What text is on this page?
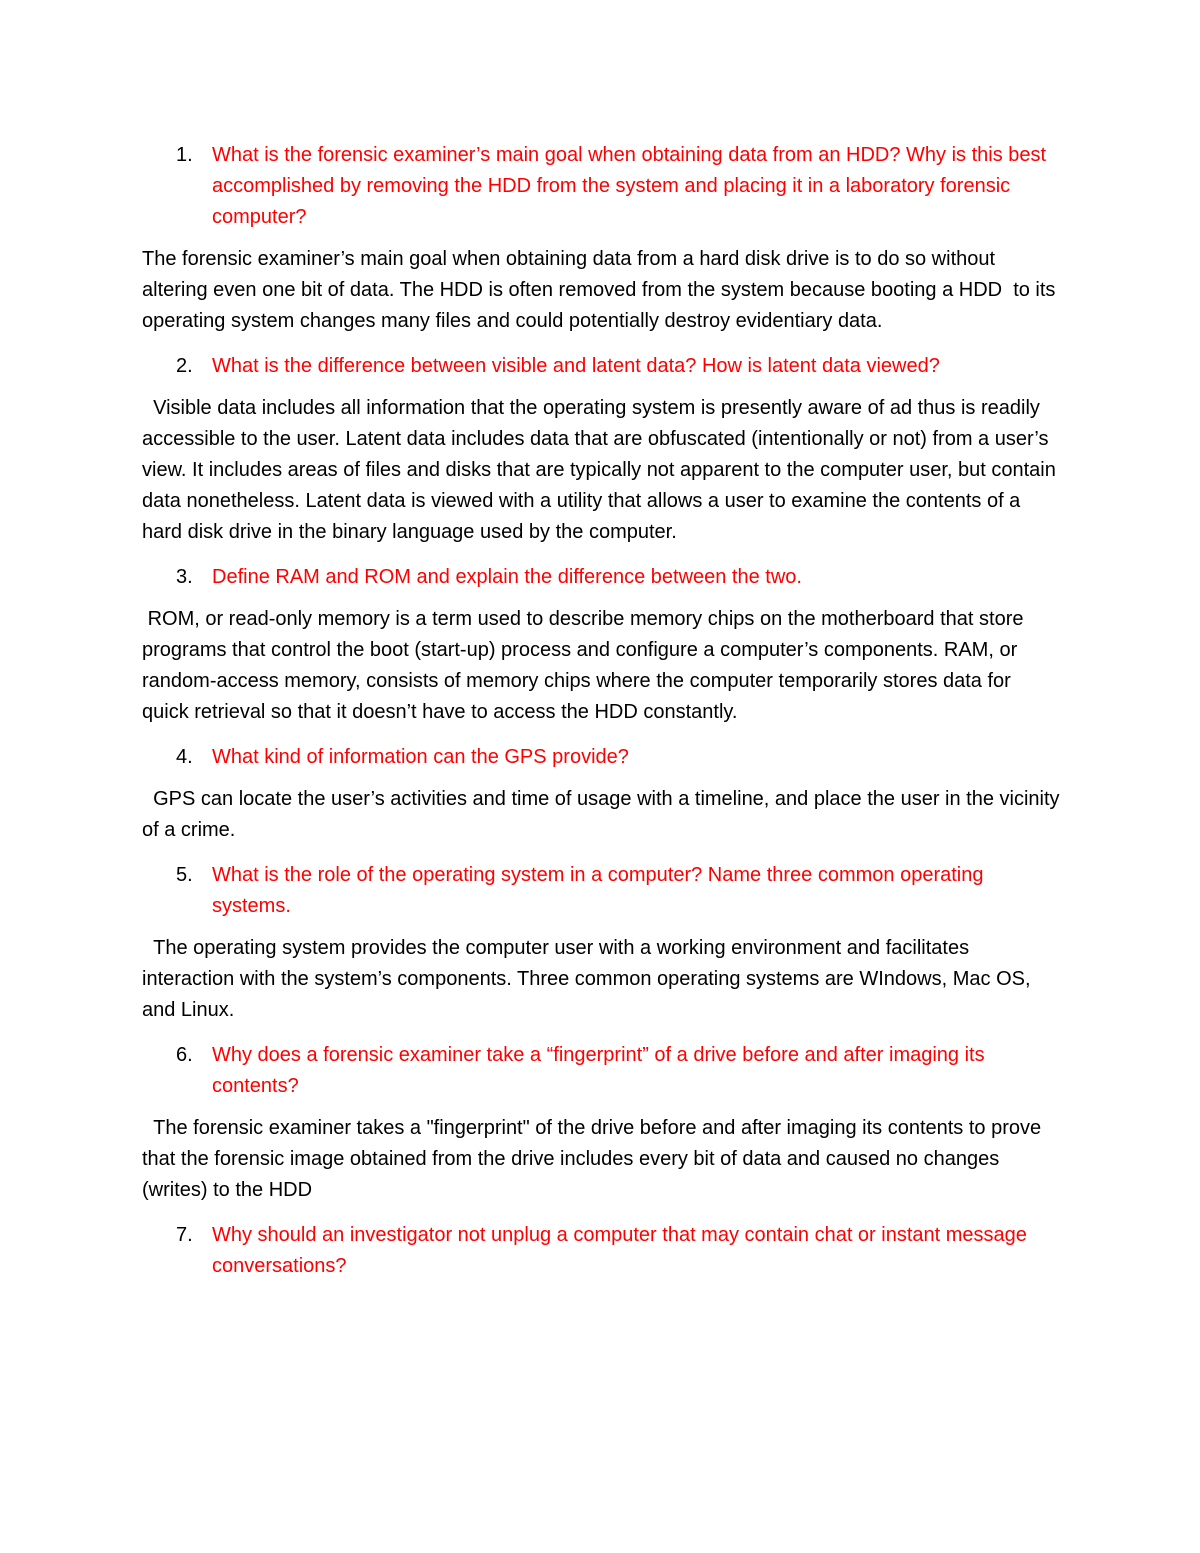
1. What is the forensic examiner’s main goal when obtaining data from an HDD? Why is this best accomplished by removing the HDD from the system and placing it in a laboratory forensic computer?

The forensic examiner’s main goal when obtaining data from a hard disk drive is to do so without altering even one bit of data. The HDD is often removed from the system because booting a HDD  to its operating system changes many files and could potentially destroy evidentiary data.

2. What is the difference between visible and latent data? How is latent data viewed?

Visible data includes all information that the operating system is presently aware of ad thus is readily accessible to the user. Latent data includes data that are obfuscated (intentionally or not) from a user’s view. It includes areas of files and disks that are typically not apparent to the computer user, but contain data nonetheless. Latent data is viewed with a utility that allows a user to examine the contents of a hard disk drive in the binary language used by the computer.

3. Define RAM and ROM and explain the difference between the two.

ROM, or read-only memory is a term used to describe memory chips on the motherboard that store programs that control the boot (start-up) process and configure a computer’s components. RAM, or random-access memory, consists of memory chips where the computer temporarily stores data for quick retrieval so that it doesn’t have to access the HDD constantly.

4. What kind of information can the GPS provide?

GPS can locate the user’s activities and time of usage with a timeline, and place the user in the vicinity of a crime.

5. What is the role of the operating system in a computer? Name three common operating systems.

The operating system provides the computer user with a working environment and facilitates interaction with the system’s components. Three common operating systems are WIndows, Mac OS, and Linux.

6. Why does a forensic examiner take a “fingerprint” of a drive before and after imaging its contents?

The forensic examiner takes a "fingerprint" of the drive before and after imaging its contents to prove that the forensic image obtained from the drive includes every bit of data and caused no changes (writes) to the HDD

7. Why should an investigator not unplug a computer that may contain chat or instant message conversations?
